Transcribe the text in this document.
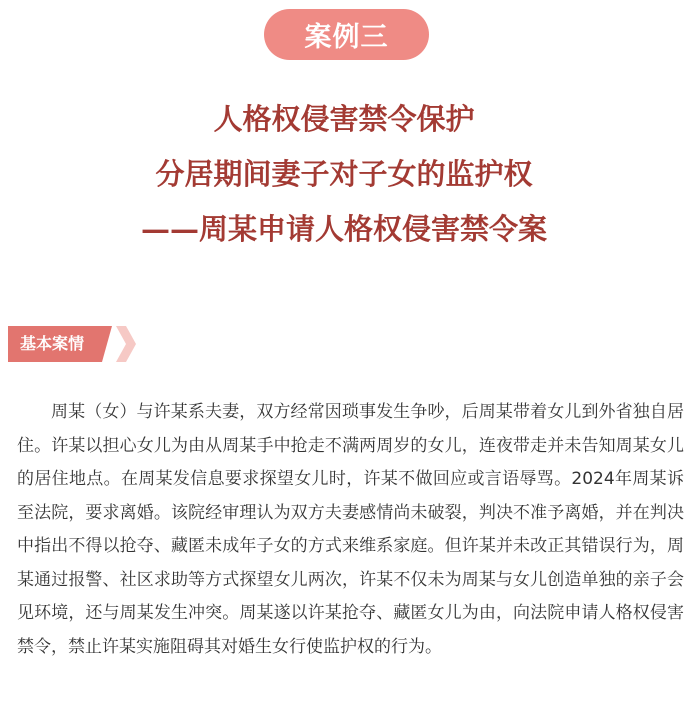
案例三
人格权侵害禁令保护
分居期间妻子对子女的监护权
——周某申请人格权侵害禁令案
基本案情

周某（女）与许某系夫妻，双方经常因琐事发生争吵，后周某带着女儿到外省独自居住。许某以担心女儿为由从周某手中抢走不满两周岁的女儿，连夜带走并未告知周某女儿的居住地点。在周某发信息要求探望女儿时，许某不做回应或言语辱骂。2024年周某诉至法院，要求离婚。该院经审理认为双方夫妻感情尚未破裂，判决不准予离婚，并在判决中指出不得以抢夺、藏匿未成年子女的方式来维系家庭。但许某并未改正其错误行为，周某通过报警、社区求助等方式探望女儿两次，许某不仅未为周某与女儿创造单独的亲子会见环境，还与周某发生冲突。周某遂以许某抢夺、藏匿女儿为由，向法院申请人格权侵害禁令，禁止许某实施阻碍其对婚生女行使监护权的行为。
